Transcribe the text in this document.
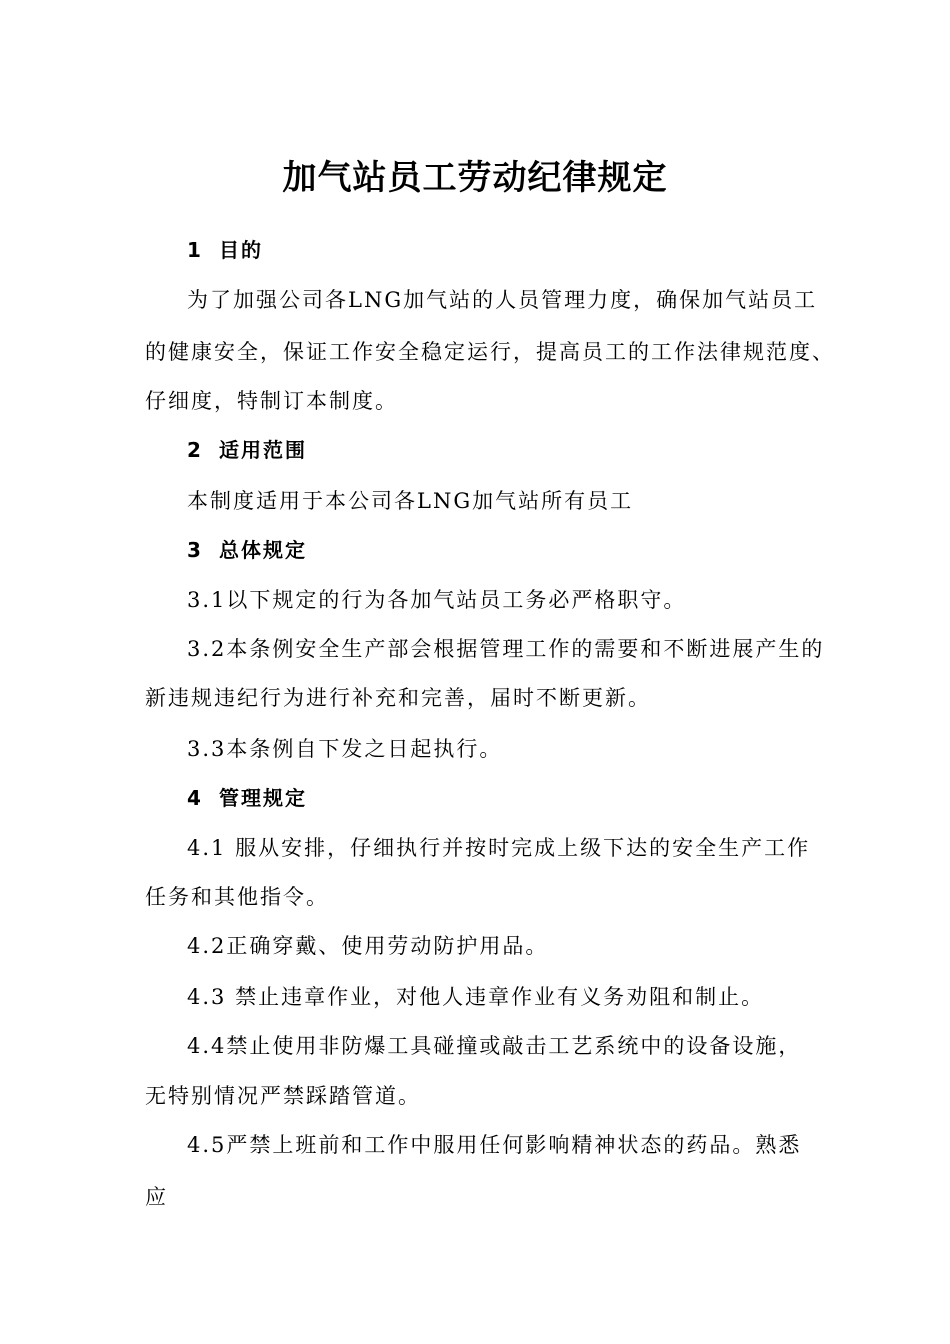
加气站员工劳动纪律规定

1 目的

为了加强公司各LNG加气站的人员管理力度，确保加气站员工

的健康安全，保证工作安全稳定运行，提高员工的工作法律规范度、

仔细度，特制订本制度。

2 适用范围

本制度适用于本公司各LNG加气站所有员工

3 总体规定

3.1以下规定的行为各加气站员工务必严格职守。

3.2本条例安全生产部会根据管理工作的需要和不断进展产生的

新违规违纪行为进行补充和完善，届时不断更新。

3.3本条例自下发之日起执行。

4 管理规定

4.1 服从安排，仔细执行并按时完成上级下达的安全生产工作

任务和其他指令。

4.2正确穿戴、使用劳动防护用品。

4.3 禁止违章作业，对他人违章作业有义务劝阻和制止。

4.4禁止使用非防爆工具碰撞或敲击工艺系统中的设备设施，

无特别情况严禁踩踏管道。

4.5严禁上班前和工作中服用任何影响精神状态的药品。熟悉

应
